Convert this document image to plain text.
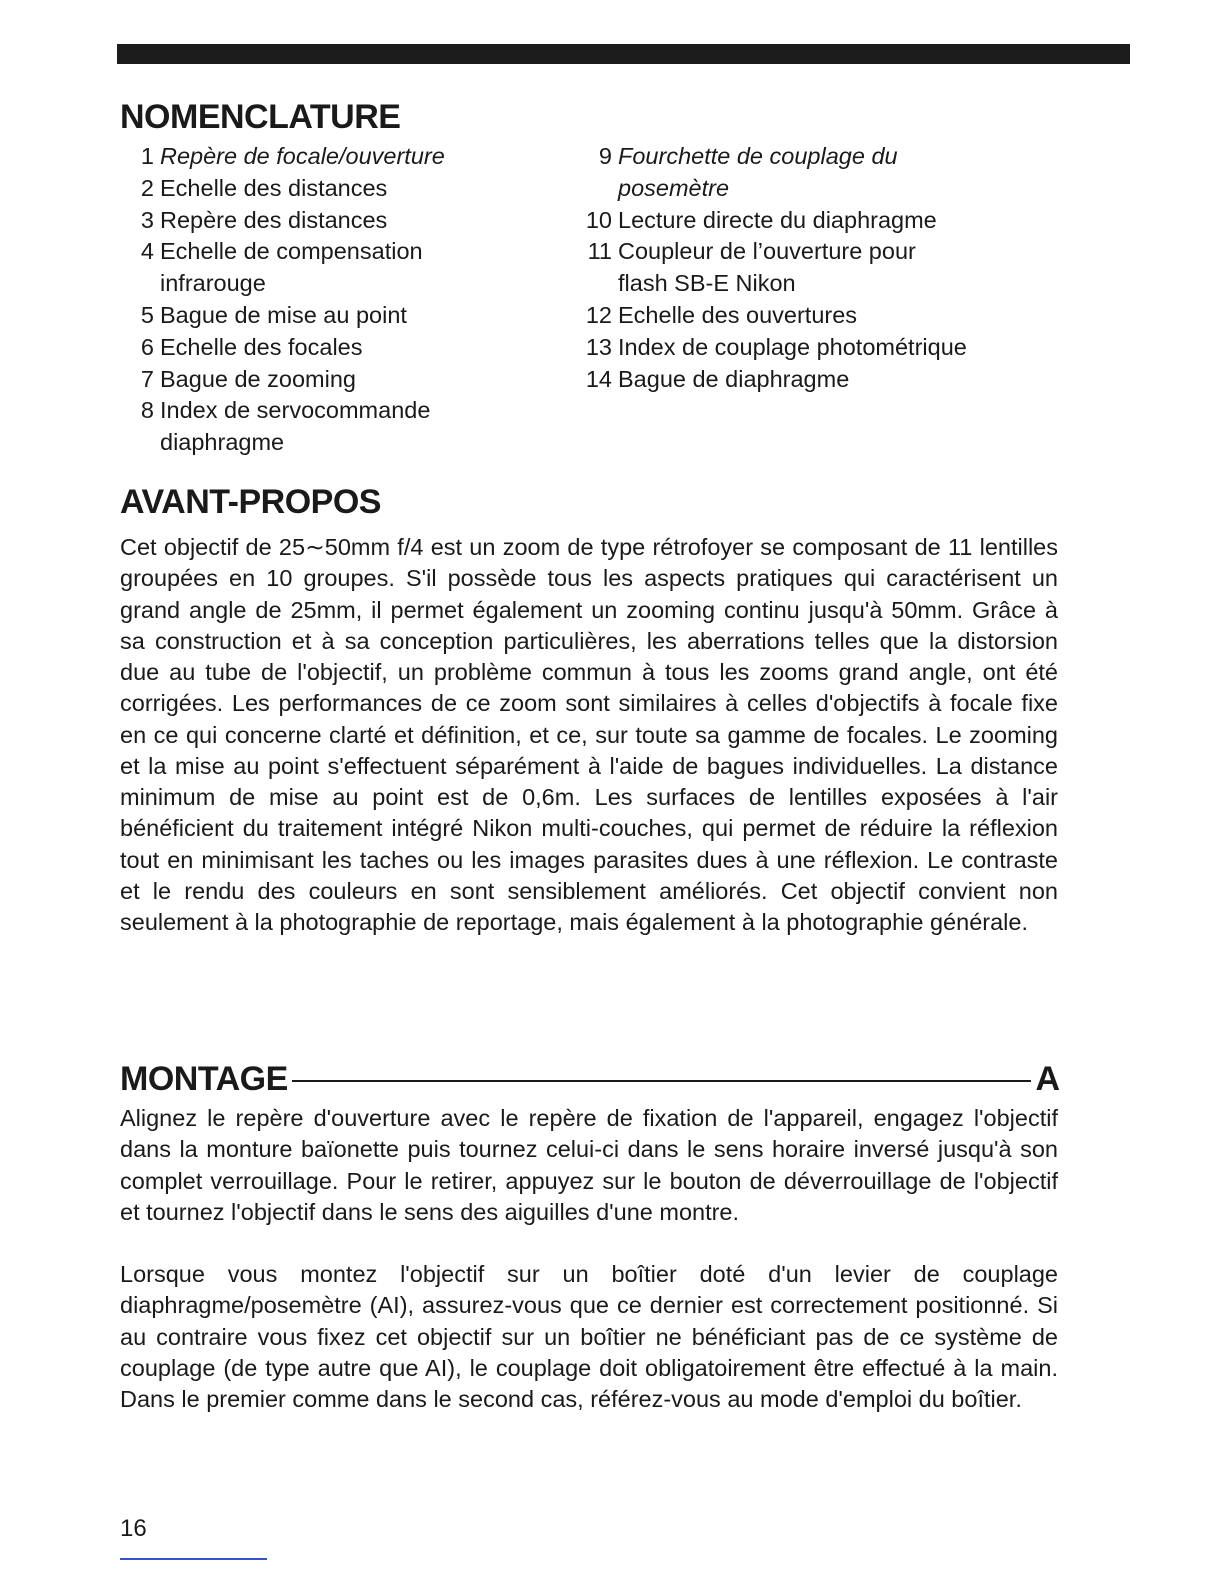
NOMENCLATURE
1 Repère de focale/ouverture
2 Echelle des distances
3 Repère des distances
4 Echelle de compensation infrarouge
5 Bague de mise au point
6 Echelle des focales
7 Bague de zooming
8 Index de servocommande diaphragme
9 Fourchette de couplage du posemètre
10 Lecture directe du diaphragme
11 Coupleur de l’ouverture pour flash SB-E Nikon
12 Echelle des ouvertures
13 Index de couplage photométrique
14 Bague de diaphragme
AVANT-PROPOS

Cet objectif de 25∼50mm f/4 est un zoom de type rétrofoyer se composant de 11 lentilles groupées en 10 groupes. S'il possède tous les aspects pratiques qui caractérisent un grand angle de 25mm, il permet également un zooming continu jusqu'à 50mm. Grâce à sa construction et à sa conception particulières, les aberrations telles que la distorsion due au tube de l'objectif, un problème commun à tous les zooms grand angle, ont été corrigées. Les performances de ce zoom sont similaires à celles d'objectifs à focale fixe en ce qui concerne clarté et définition, et ce, sur toute sa gamme de focales. Le zooming et la mise au point s'effectuent séparément à l'aide de bagues individuelles. La distance minimum de mise au point est de 0,6m. Les surfaces de lentilles exposées à l'air bénéficient du traitement intégré Nikon multi-couches, qui permet de réduire la réflexion tout en minimisant les taches ou les images parasites dues à une réflexion. Le contraste et le rendu des couleurs en sont sensiblement améliorés. Cet objectif convient non seulement à la photographie de reportage, mais également à la photographie générale.

MONTAGE	A

Alignez le repère d'ouverture avec le repère de fixation de l'appareil, engagez l'objectif dans la monture baïonette puis tournez celui-ci dans le sens horaire inversé jusqu'à son complet verrouillage. Pour le retirer, appuyez sur le bouton de déverrouillage de l'objectif et tournez l'objectif dans le sens des aiguilles d'une montre.

Lorsque vous montez l'objectif sur un boîtier doté d'un levier de couplage diaphragme/posemètre (AI), assurez-vous que ce dernier est correctement positionné. Si au contraire vous fixez cet objectif sur un boîtier ne bénéficiant pas de ce système de couplage (de type autre que AI), le couplage doit obligatoirement être effectué à la main. Dans le premier comme dans le second cas, référez-vous au mode d'emploi du boîtier.

16
